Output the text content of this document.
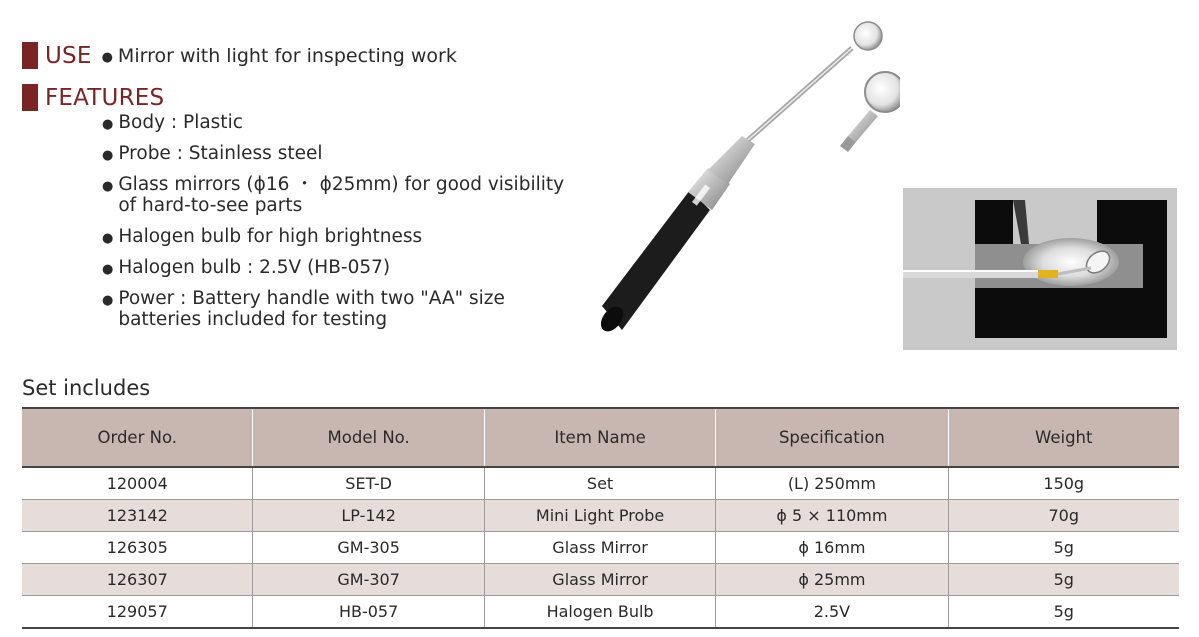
USE ● Mirror with light for inspecting work
FEATURES
● Body : Plastic
● Probe : Stainless steel
● Glass mirrors (ϕ16 ・ ϕ25mm) for good visibility of hard-to-see parts
● Halogen bulb for high brightness
● Halogen bulb : 2.5V (HB-057)
● Power : Battery handle with two "AA" size batteries included for testing
Set includes
Order No.	Model No.	Item Name	Specification	Weight
120004	SET-D	Set	(L) 250mm	150g
123142	LP-142	Mini Light Probe	ϕ 5 × 110mm	70g
126305	GM-305	Glass Mirror	ϕ 16mm	5g
126307	GM-307	Glass Mirror	ϕ 25mm	5g
129057	HB-057	Halogen Bulb	2.5V	5g
